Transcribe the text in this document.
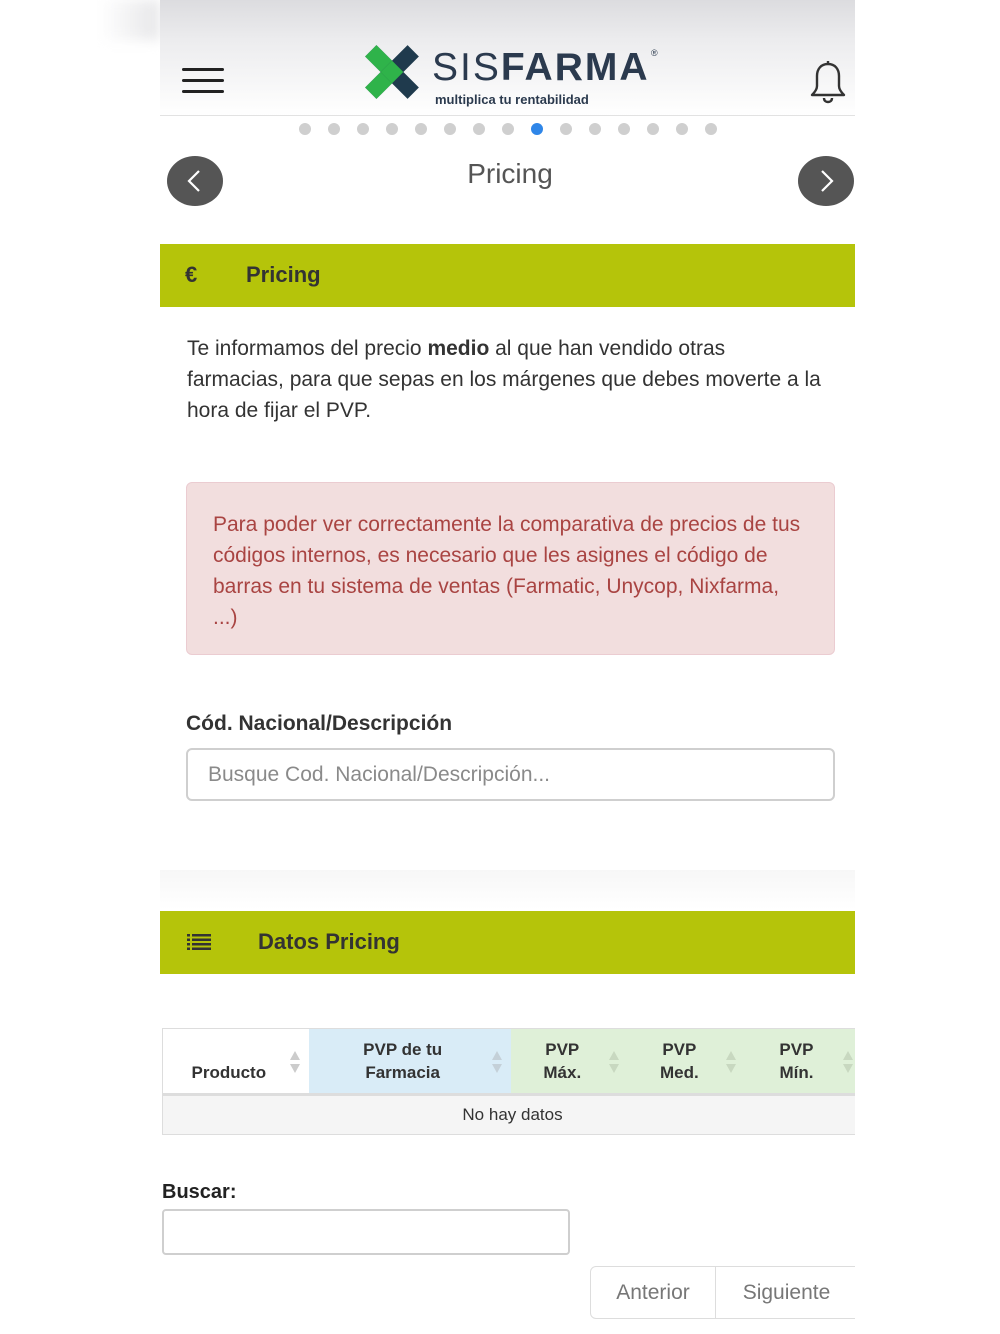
SISFARMA ®
multiplica tu rentabilidad
Pricing
€ Pricing

Te informamos del precio medio al que han vendido otras farmacias, para que sepas en los márgenes que debes moverte a la hora de fijar el PVP.

Para poder ver correctamente la comparativa de precios de tus códigos internos, es necesario que les asignes el código de barras en tu sistema de ventas (Farmatic, Unycop, Nixfarma, ...)
Cód. Nacional/Descripción
Busque Cod. Nacional/Descripción...
Datos Pricing
Producto
	PVP de tu
Farmacia
	PVP
Máx.
	PVP
Med.
	PVP
Mín.

No hay datos
Buscar:
Anterior	Siguiente
